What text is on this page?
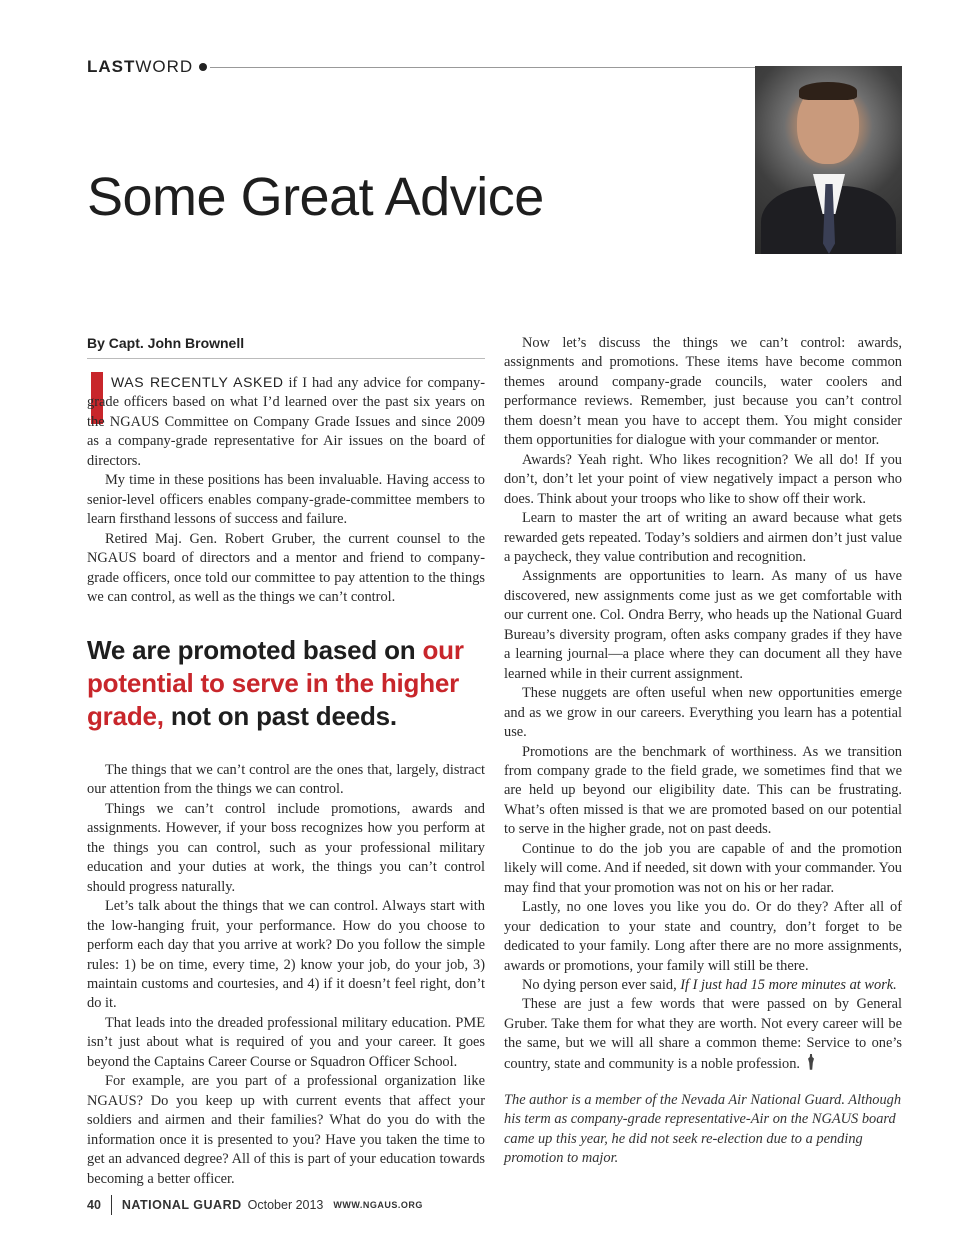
LASTWORD
Some Great Advice
By Capt. John Brownell

WAS RECENTLY ASKED if I had any advice for company-grade officers based on what I’d learned over the past six years on the NGAUS Committee on Company Grade Issues and since 2009 as a company-grade representative for Air issues on the board of directors.

My time in these positions has been invaluable. Having access to senior-level officers enables company-grade-committee members to learn firsthand lessons of success and failure.

Retired Maj. Gen. Robert Gruber, the current counsel to the NGAUS board of directors and a mentor and friend to company-grade officers, once told our committee to pay attention to the things we can control, as well as the things we can’t control.

We are promoted based on our potential to serve in the higher grade, not on past deeds.

The things that we can’t control are the ones that, largely, distract our attention from the things we can control.

Things we can’t control include promotions, awards and assignments. However, if your boss recognizes how you perform at the things you can control, such as your professional military education and your duties at work, the things you can’t control should progress naturally.

Let’s talk about the things that we can control. Always start with the low-hanging fruit, your performance. How do you choose to perform each day that you arrive at work? Do you follow the simple rules: 1) be on time, every time, 2) know your job, do your job, 3) maintain customs and courtesies, and 4) if it doesn’t feel right, don’t do it.

That leads into the dreaded professional military education. PME isn’t just about what is required of you and your career. It goes beyond the Captains Career Course or Squadron Officer School.

For example, are you part of a professional organization like NGAUS? Do you keep up with current events that affect your soldiers and airmen and their families? What do you do with the information once it is presented to you? Have you taken the time to get an advanced degree? All of this is part of your education towards becoming a better officer.

Now let’s discuss the things we can’t control: awards, assignments and promotions. These items have become common themes around company-grade councils, water coolers and performance reviews. Remember, just because you can’t control them doesn’t mean you have to accept them. You might consider them opportunities for dialogue with your commander or mentor.

Awards? Yeah right. Who likes recognition? We all do! If you don’t, don’t let your point of view negatively impact a person who does. Think about your troops who like to show off their work.

Learn to master the art of writing an award because what gets rewarded gets repeated. Today’s soldiers and airmen don’t just value a paycheck, they value contribution and recognition.

Assignments are opportunities to learn. As many of us have discovered, new assignments come just as we get comfortable with our current one. Col. Ondra Berry, who heads up the National Guard Bureau’s diversity program, often asks company grades if they have a learning journal—a place where they can document all they have learned while in their current assignment.

These nuggets are often useful when new opportunities emerge and as we grow in our careers. Everything you learn has a potential use.

Promotions are the benchmark of worthiness. As we transition from company grade to the field grade, we sometimes find that we are held up beyond our eligibility date. This can be frustrating. What’s often missed is that we are promoted based on our potential to serve in the higher grade, not on past deeds.

Continue to do the job you are capable of and the promotion likely will come. And if needed, sit down with your commander. You may find that your promotion was not on his or her radar.

Lastly, no one loves you like you do. Or do they? After all of your dedication to your state and country, don’t forget to be dedicated to your family. Long after there are no more assignments, awards or promotions, your family will still be there.

No dying person ever said, If I just had 15 more minutes at work.

These are just a few words that were passed on by General Gruber. Take them for what they are worth. Not every career will be the same, but we will all share a common theme: Service to one’s country, state and community is a noble profession.

The author is a member of the Nevada Air National Guard. Although his term as company-grade representative-Air on the NGAUS board came up this year, he did not seek re-election due to a pending promotion to major.

40 NATIONAL GUARD October 2013 WWW.NGAUS.ORG
